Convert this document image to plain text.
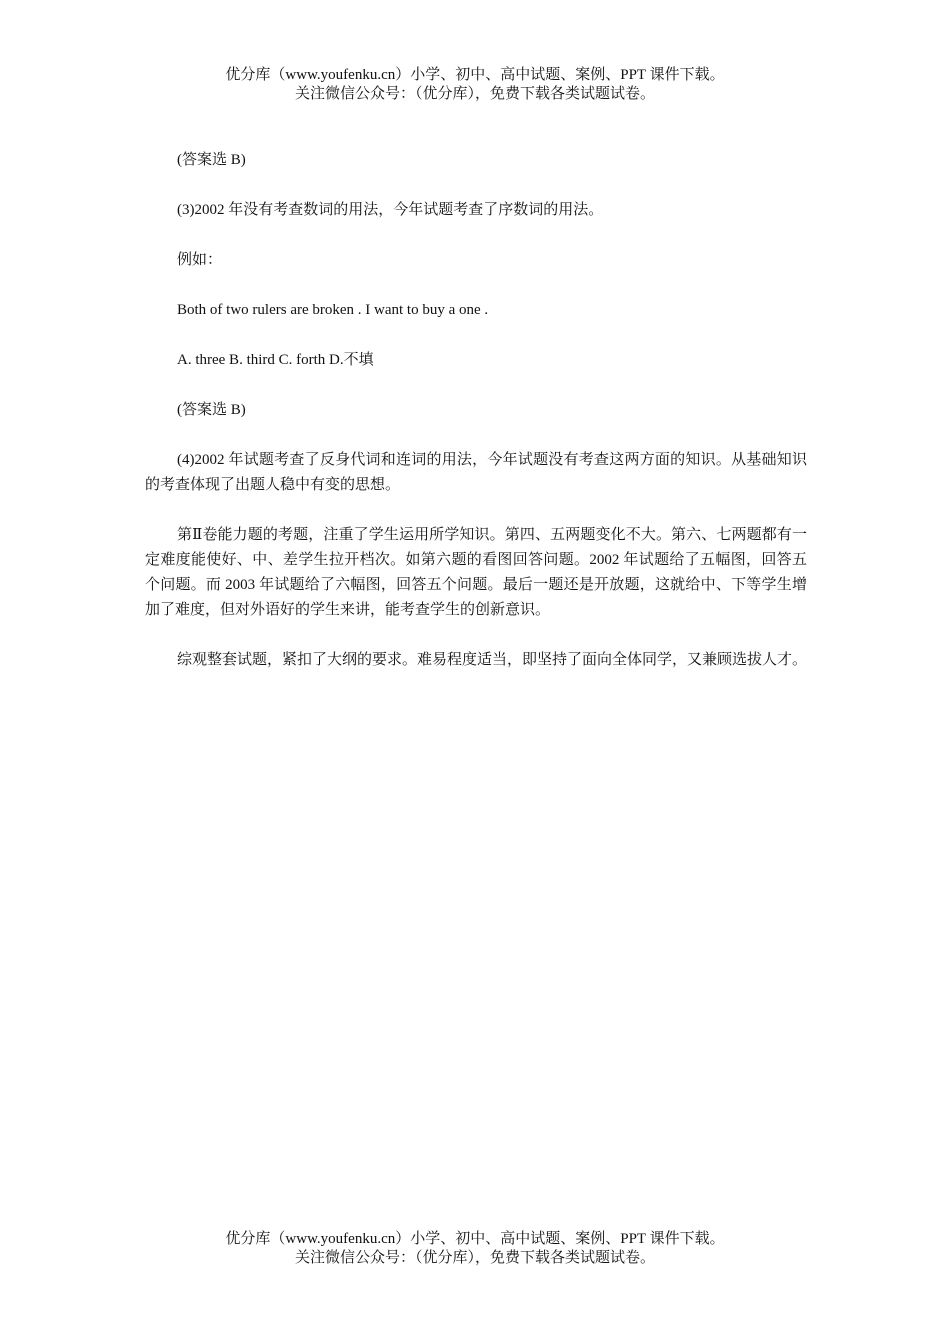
优分库（www.youfenku.cn）小学、初中、高中试题、案例、PPT 课件下载。
关注微信公众号：（优分库），免费下载各类试题试卷。

(答案选 B)

(3)2002 年没有考查数词的用法，今年试题考查了序数词的用法。

例如：

Both of two rulers are broken . I want to buy a one .

A. three B. third C. forth D.不填

(答案选 B)

(4)2002 年试题考查了反身代词和连词的用法，今年试题没有考查这两方面的知识。从基础知识的考查体现了出题人稳中有变的思想。

第Ⅱ卷能力题的考题，注重了学生运用所学知识。第四、五两题变化不大。第六、七两题都有一定难度能使好、中、差学生拉开档次。如第六题的看图回答问题。2002 年试题给了五幅图，回答五个问题。而 2003 年试题给了六幅图，回答五个问题。最后一题还是开放题，这就给中、下等学生增加了难度，但对外语好的学生来讲，能考查学生的创新意识。

综观整套试题，紧扣了大纲的要求。难易程度适当，即坚持了面向全体同学，又兼顾选拔人才。

优分库（www.youfenku.cn）小学、初中、高中试题、案例、PPT 课件下载。
关注微信公众号：（优分库），免费下载各类试题试卷。
